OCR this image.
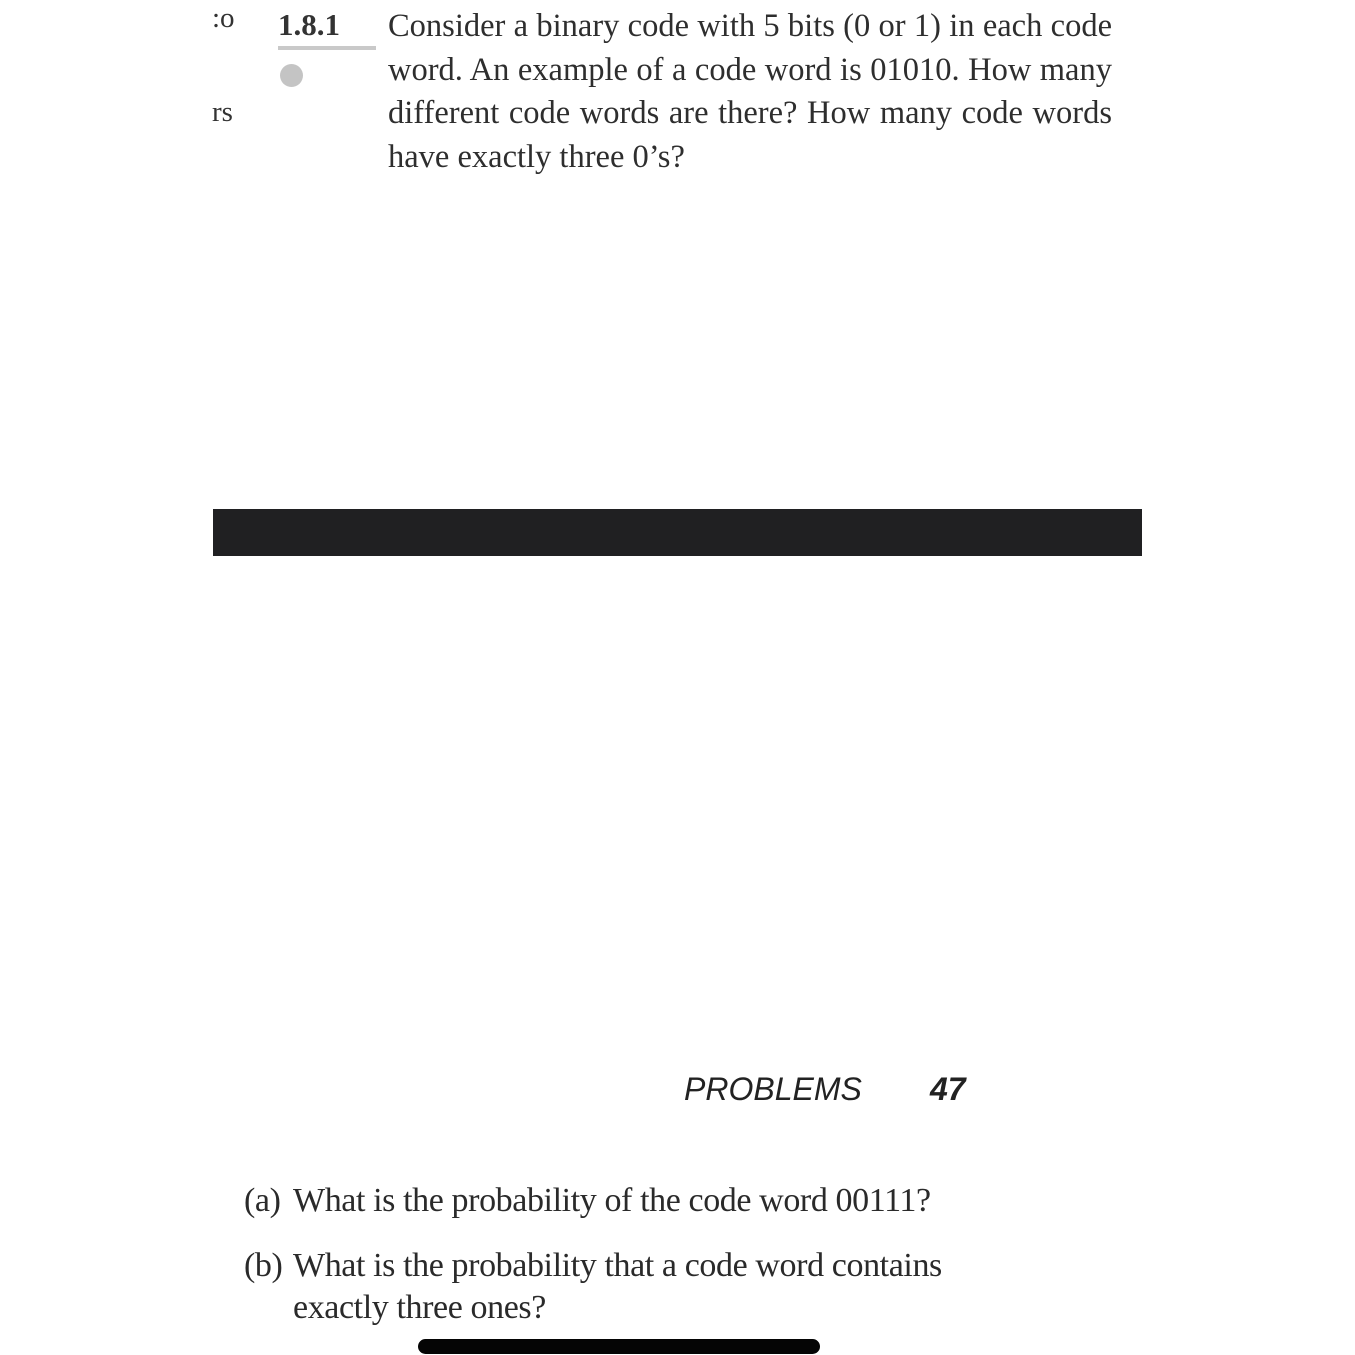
:o
rs
1.8.1 Consider a binary code with 5 bits (0 or 1) in each code word. An example of a code word is 01010. How many different code words are there? How many code words have exactly three 0’s?

PROBLEMS 47
(a) What is the probability of the code word 00111?
(b) What is the probability that a code word contains
exactly three ones?
